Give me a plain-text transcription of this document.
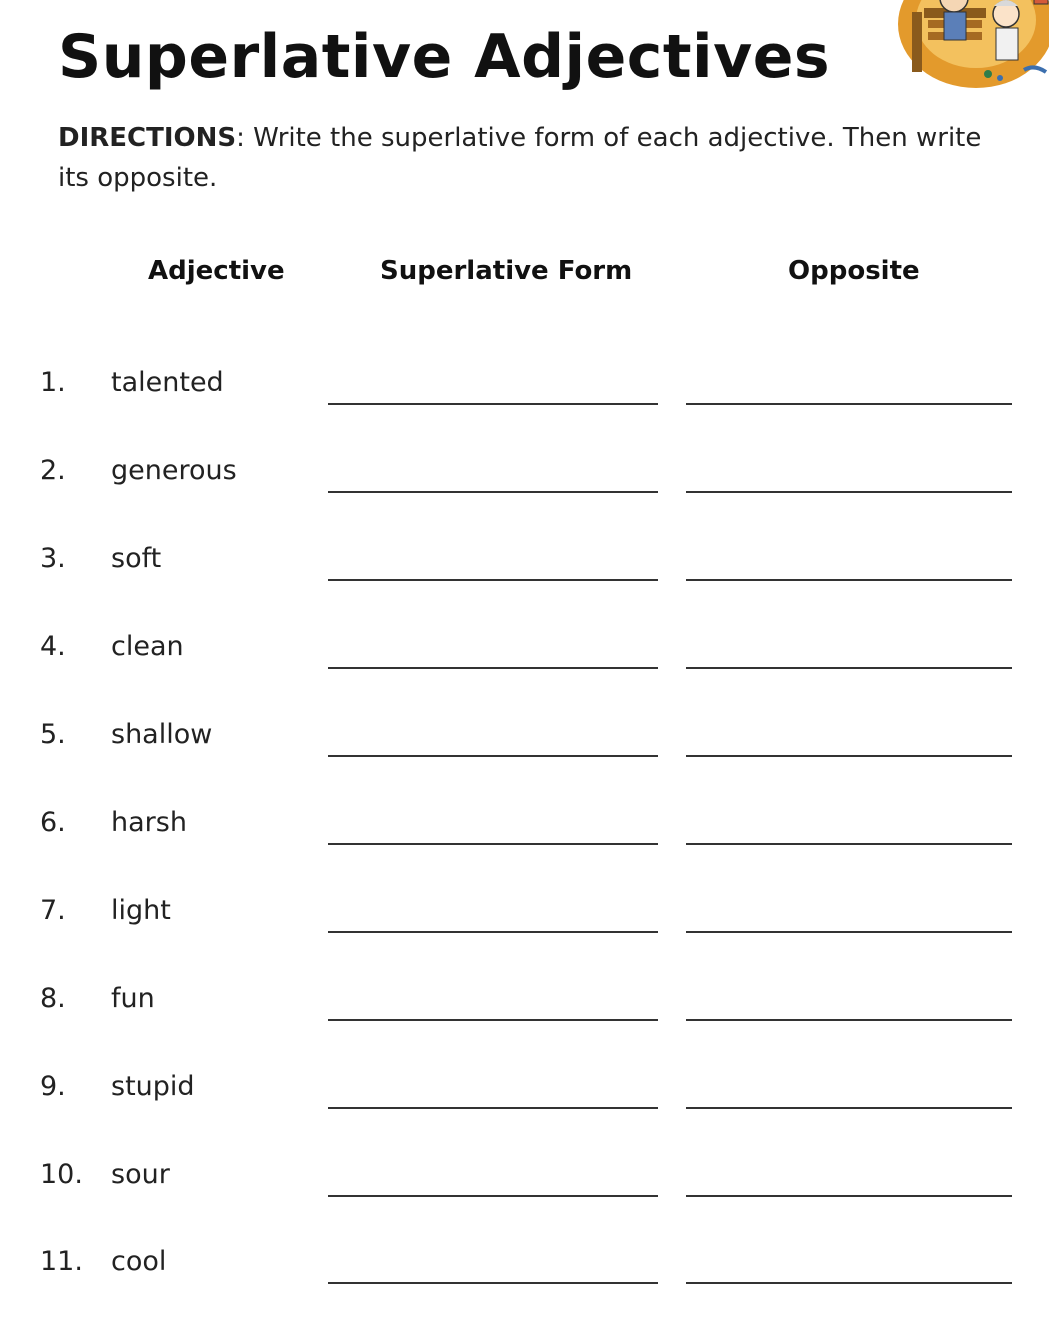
Superlative Adjectives
DIRECTIONS: Write the superlative form of each adjective. Then write its opposite.
Adjective	Superlative Form	Opposite
1. talented
2. generous
3. soft
4. clean
5. shallow
6. harsh
7. light
8. fun
9. stupid
10. sour
11. cool
